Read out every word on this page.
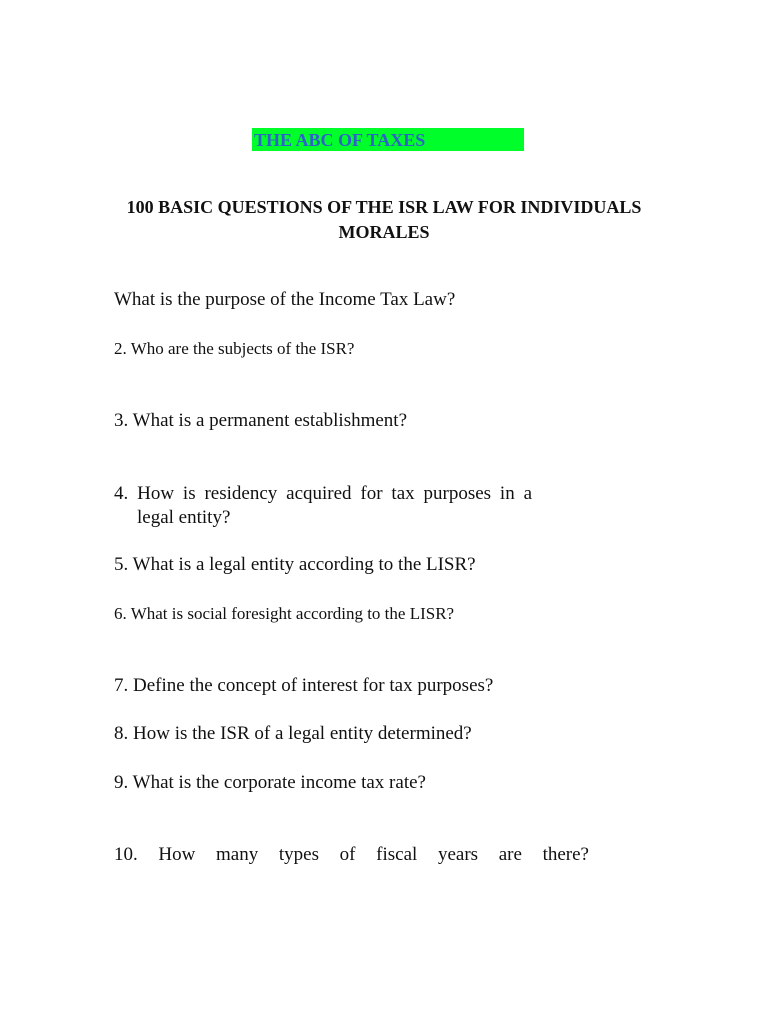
THE ABC OF TAXES
100 BASIC QUESTIONS OF THE ISR LAW FOR INDIVIDUALS
MORALES
What is the purpose of the Income Tax Law?
2. Who are the subjects of the ISR?
3. What is a permanent establishment?
4. How is residency acquired for tax purposes in a
legal entity?
5. What is a legal entity according to the LISR?
6. What is social foresight according to the LISR?
7. Define the concept of interest for tax purposes?
8. How is the ISR of a legal entity determined?
9. What is the corporate income tax rate?
10. How many types of fiscal years are there?
